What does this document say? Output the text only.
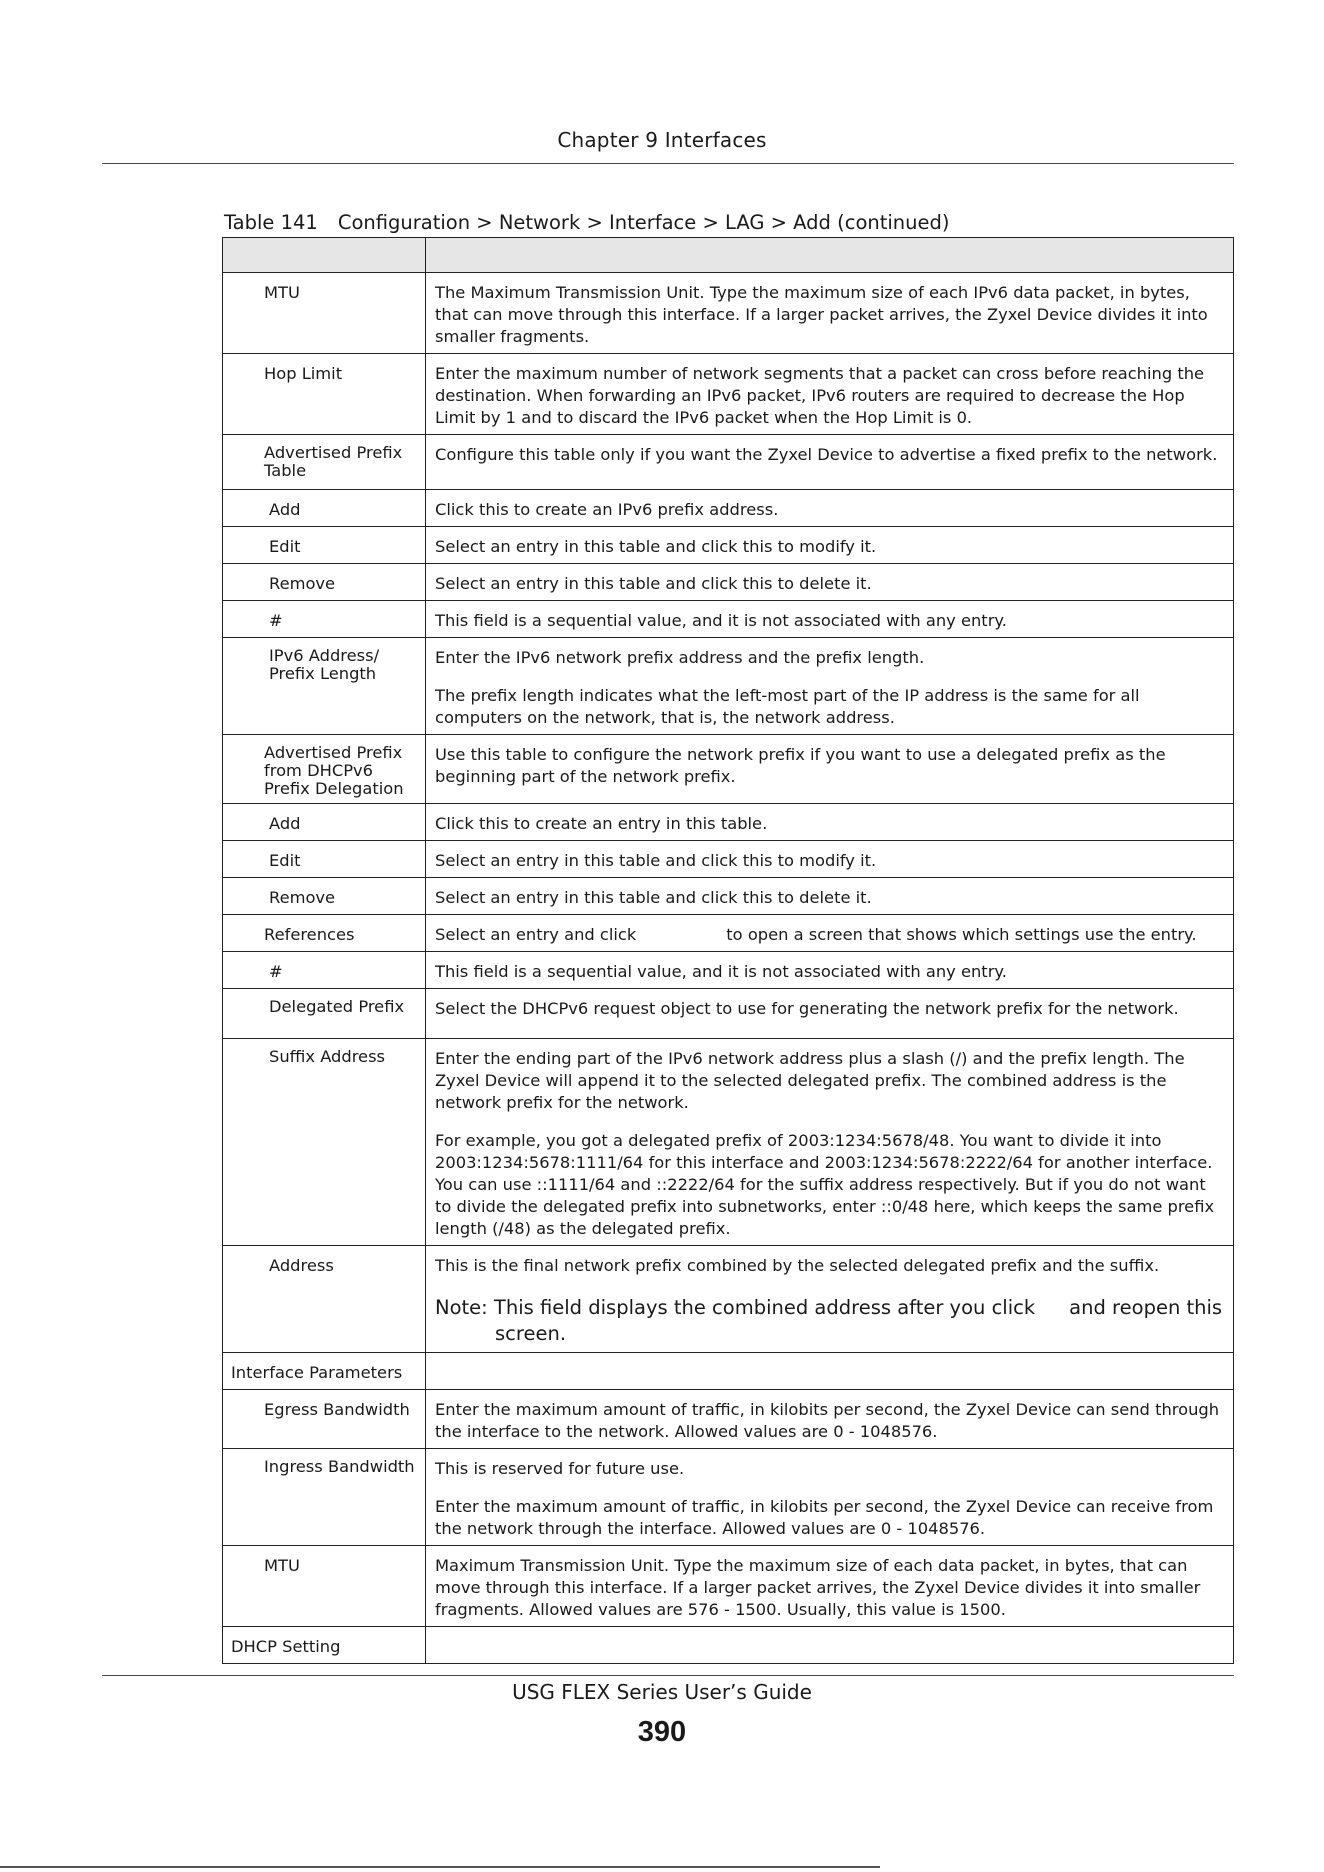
Chapter 9 Interfaces
Table 141 Configuration > Network > Interface > LAG > Add (continued)

MTU	The Maximum Transmission Unit. Type the maximum size of each IPv6 data packet, in bytes, that can move through this interface. If a larger packet arrives, the Zyxel Device divides it into smaller fragments.

Hop Limit	Enter the maximum number of network segments that a packet can cross before reaching the destination. When forwarding an IPv6 packet, IPv6 routers are required to decrease the Hop Limit by 1 and to discard the IPv6 packet when the Hop Limit is 0.

Advertised Prefix Table	Configure this table only if you want the Zyxel Device to advertise a fixed prefix to the network.

Add	Click this to create an IPv6 prefix address.

Edit	Select an entry in this table and click this to modify it.

Remove	Select an entry in this table and click this to delete it.

#	This field is a sequential value, and it is not associated with any entry.

IPv6 Address/ Prefix Length	Enter the IPv6 network prefix address and the prefix length.

The prefix length indicates what the left-most part of the IP address is the same for all computers on the network, that is, the network address.

Advertised Prefix from DHCPv6 Prefix Delegation	Use this table to configure the network prefix if you want to use a delegated prefix as the beginning part of the network prefix.

Add	Click this to create an entry in this table.

Edit	Select an entry in this table and click this to modify it.

Remove	Select an entry in this table and click this to delete it.

References	Select an entry and click to open a screen that shows which settings use the entry.

#	This field is a sequential value, and it is not associated with any entry.

Delegated Prefix	Select the DHCPv6 request object to use for generating the network prefix for the network.

Suffix Address	Enter the ending part of the IPv6 network address plus a slash (/) and the prefix length. The Zyxel Device will append it to the selected delegated prefix. The combined address is the network prefix for the network.

For example, you got a delegated prefix of 2003:1234:5678/48. You want to divide it into 2003:1234:5678:1111/64 for this interface and 2003:1234:5678:2222/64 for another interface. You can use ::1111/64 and ::2222/64 for the suffix address respectively. But if you do not want to divide the delegated prefix into subnetworks, enter ::0/48 here, which keeps the same prefix length (/48) as the delegated prefix.

Address	This is the final network prefix combined by the selected delegated prefix and the suffix.

Note: This field displays the combined address after you click and reopen this screen.

Interface Parameters	

Egress Bandwidth	Enter the maximum amount of traffic, in kilobits per second, the Zyxel Device can send through the interface to the network. Allowed values are 0 - 1048576.

Ingress Bandwidth	This is reserved for future use.

Enter the maximum amount of traffic, in kilobits per second, the Zyxel Device can receive from the network through the interface. Allowed values are 0 - 1048576.

MTU	Maximum Transmission Unit. Type the maximum size of each data packet, in bytes, that can move through this interface. If a larger packet arrives, the Zyxel Device divides it into smaller fragments. Allowed values are 576 - 1500. Usually, this value is 1500.

DHCP Setting	

USG FLEX Series User’s Guide
390
